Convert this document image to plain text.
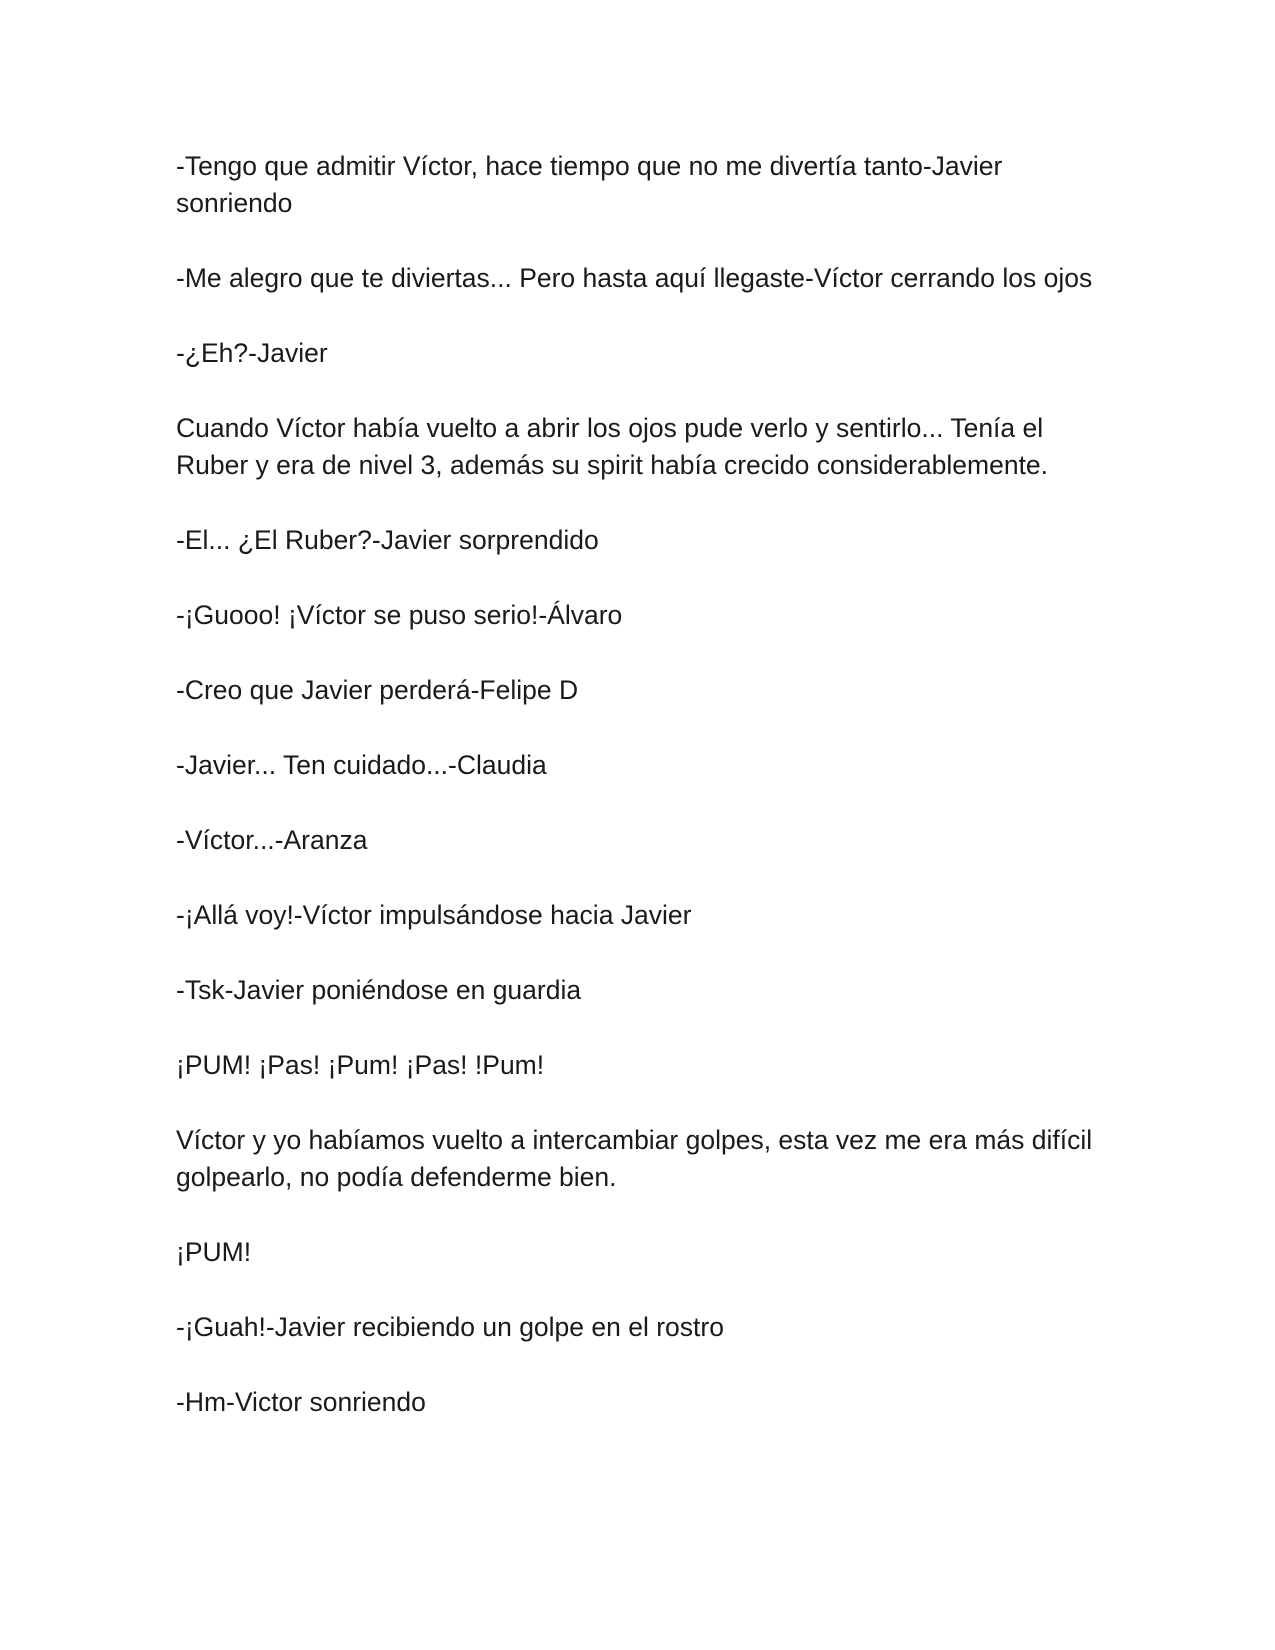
-Tengo que admitir Víctor, hace tiempo que no me divertía tanto-Javier sonriendo

-Me alegro que te diviertas... Pero hasta aquí llegaste-Víctor cerrando los ojos

-¿Eh?-Javier

Cuando Víctor había vuelto a abrir los ojos pude verlo y sentirlo... Tenía el Ruber y era de nivel 3, además su spirit había crecido considerablemente.

-El... ¿El Ruber?-Javier sorprendido

-¡Guooo! ¡Víctor se puso serio!-Álvaro

-Creo que Javier perderá-Felipe D

-Javier... Ten cuidado...-Claudia

-Víctor...-Aranza

-¡Allá voy!-Víctor impulsándose hacia Javier

-Tsk-Javier poniéndose en guardia

¡PUM! ¡Pas! ¡Pum! ¡Pas! !Pum!

Víctor y yo habíamos vuelto a intercambiar golpes, esta vez me era más difícil golpearlo, no podía defenderme bien.

¡PUM!

-¡Guah!-Javier recibiendo un golpe en el rostro

-Hm-Victor sonriendo
